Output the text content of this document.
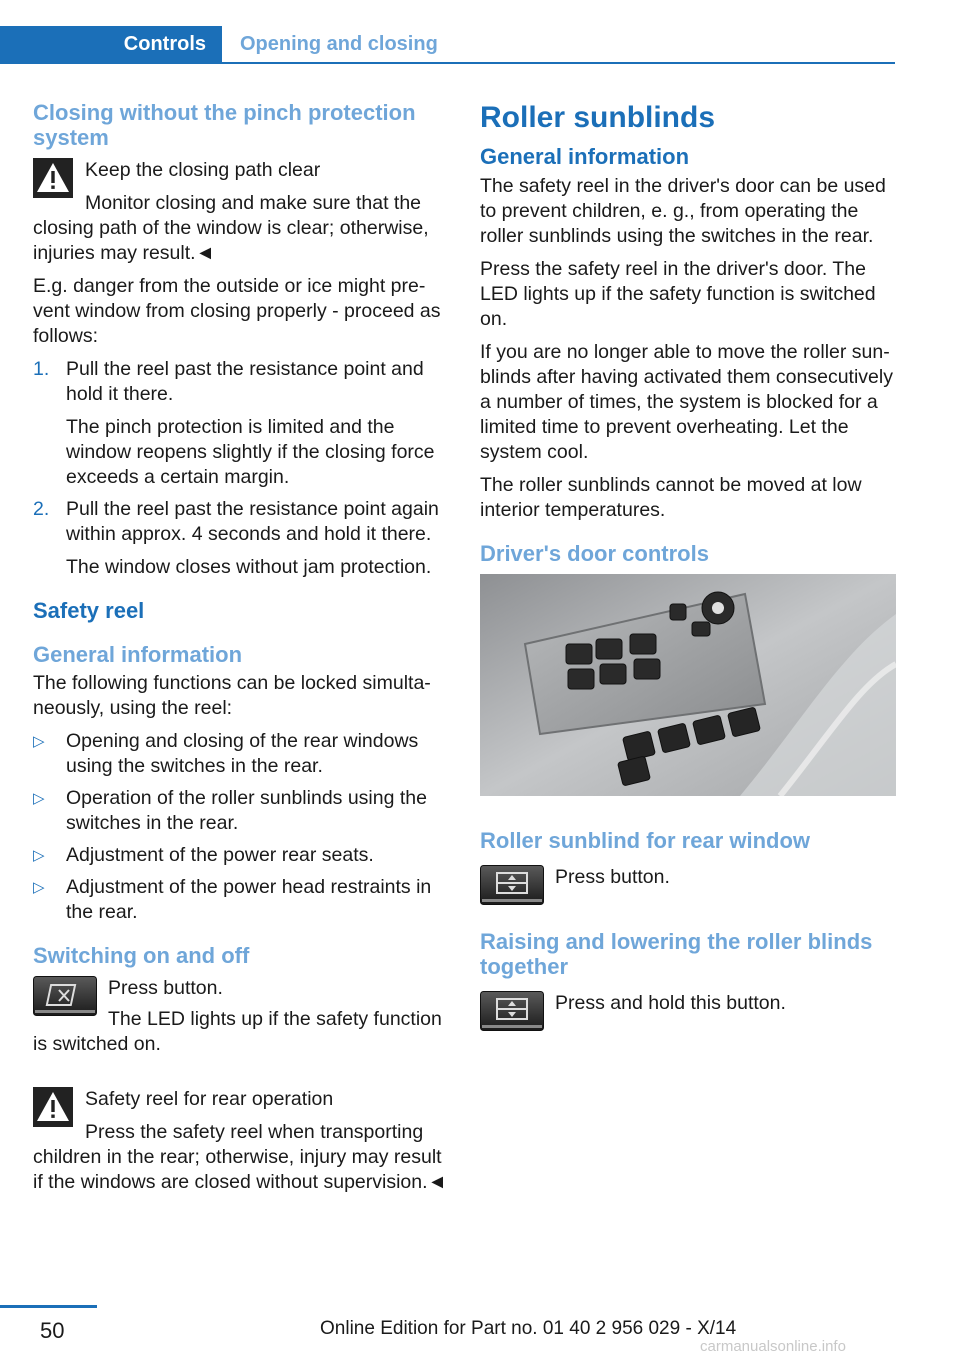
Controls	Opening and closing
Closing without the pinch protection system

Keep the closing path clear

Monitor closing and make sure that the closing path of the window is clear; otherwise, injuries may result.◄

E.g. danger from the outside or ice might prevent window from closing properly - proceed as follows:

1. Pull the reel past the resistance point and hold it there.
The pinch protection is limited and the window reopens slightly if the closing force exceeds a certain margin.
2. Pull the reel past the resistance point again within approx. 4 seconds and hold it there.
The window closes without jam protection.
Safety reel
General information

The following functions can be locked simultaneously, using the reel:

▷ Opening and closing of the rear windows using the switches in the rear.
▷ Operation of the roller sunblinds using the switches in the rear.
▷ Adjustment of the power rear seats.
▷ Adjustment of the power head restraints in the rear.
Switching on and off

Press button.

The LED lights up if the safety function is switched on.

Safety reel for rear operation

Press the safety reel when transporting children in the rear; otherwise, injury may result if the windows are closed without supervision.◄

Roller sunblinds
General information

The safety reel in the driver's door can be used to prevent children, e. g., from operating the roller sunblinds using the switches in the rear.

Press the safety reel in the driver's door. The LED lights up if the safety function is switched on.

If you are no longer able to move the roller sunblinds after having activated them consecutively a number of times, the system is blocked for a limited time to prevent overheating. Let the system cool.

The roller sunblinds cannot be moved at low interior temperatures.

Driver's door controls
Roller sunblind for rear window

Press button.

Raising and lowering the roller blinds together

Press and hold this button.

50	Online Edition for Part no. 01 40 2 956 029 - X/14
carmanualsonline.info
